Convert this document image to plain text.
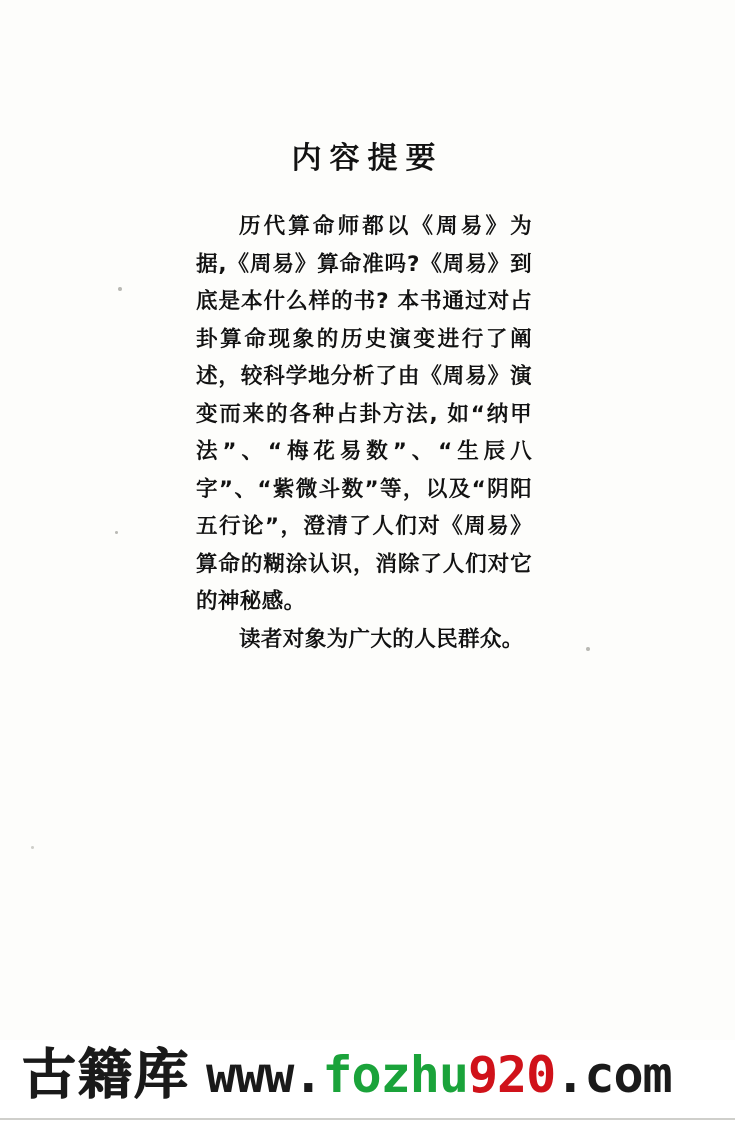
内容提要

历代算命师都以《周易》为据,《周易》算命准吗?《周易》到底是本什么样的书? 本书通过对占卦算命现象的历史演变进行了阐述，较科学地分析了由《周易》演变而来的各种占卦方法, 如“纳甲法”、“梅花易数”、“生辰八字”、“紫微斗数”等，以及“阴阳五行论”，澄清了人们对《周易》算命的糊涂认识，消除了人们对它的神秘感。

读者对象为广大的人民群众。

古籍库 www. fozhu 920 .com
